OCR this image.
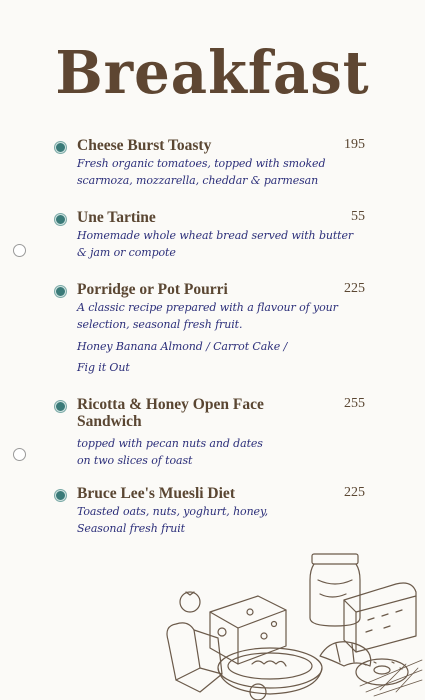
Breakfast
Cheese Burst Toasty	195
Fresh organic tomatoes, topped with smoked
scarmoza, mozzarella, cheddar & parmesan
Une Tartine	55
Homemade whole wheat bread served with butter
& jam or compote
Porridge or Pot Pourri	225
A classic recipe prepared with a flavour of your
selection, seasonal fresh fruit.
Honey Banana Almond / Carrot Cake /
Fig it Out
Ricotta & Honey Open Face
Sandwich
255
topped with pecan nuts and dates
on two slices of toast
Bruce Lee's Muesli Diet	225
Toasted oats, nuts, yoghurt, honey,
Seasonal fresh fruit
